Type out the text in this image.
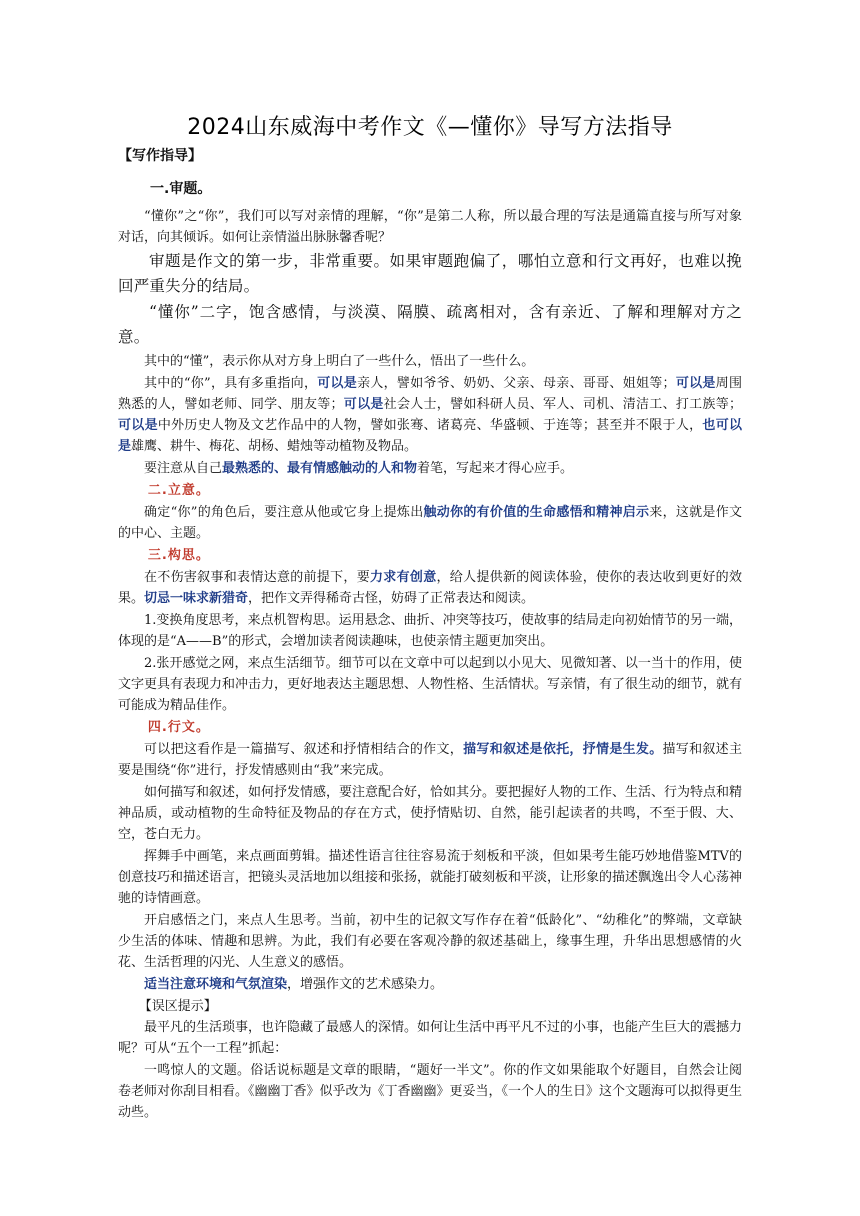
2024山东威海中考作文《—懂你》导写方法指导
【写作指导】
一.审题。

“懂你”之“你”，我们可以写对亲情的理解，“你”是第二人称，所以最合理的写法是通篇直接与所写对象对话，向其倾诉。如何让亲情溢出脉脉馨香呢？

审题是作文的第一步，非常重要。如果审题跑偏了，哪怕立意和行文再好，也难以挽回严重失分的结局。

“懂你”二字，饱含感情，与淡漠、隔膜、疏离相对，含有亲近、了解和理解对方之意。

其中的“懂”，表示你从对方身上明白了一些什么，悟出了一些什么。

其中的“你”，具有多重指向，可以是亲人，譬如爷爷、奶奶、父亲、母亲、哥哥、姐姐等；可以是周围熟悉的人，譬如老师、同学、朋友等；可以是社会人士，譬如科研人员、军人、司机、清洁工、打工族等；可以是中外历史人物及文艺作品中的人物，譬如张骞、诸葛亮、华盛顿、于连等；甚至并不限于人，也可以是雄鹰、耕牛、梅花、胡杨、蜡烛等动植物及物品。

要注意从自己最熟悉的、最有情感触动的人和物着笔，写起来才得心应手。

二.立意。

确定“你”的角色后，要注意从他或它身上提炼出触动你的有价值的生命感悟和精神启示来，这就是作文的中心、主题。

三.构思。

在不伤害叙事和表情达意的前提下，要力求有创意，给人提供新的阅读体验，使你的表达收到更好的效果。切忌一味求新猎奇，把作文弄得稀奇古怪，妨碍了正常表达和阅读。

1.变换角度思考，来点机智构思。运用悬念、曲折、冲突等技巧，使故事的结局走向初始情节的另一端，体现的是“A——B”的形式，会增加读者阅读趣味，也使亲情主题更加突出。

2.张开感觉之网，来点生活细节。细节可以在文章中可以起到以小见大、见微知著、以一当十的作用，使文字更具有表现力和冲击力，更好地表达主题思想、人物性格、生活情状。写亲情，有了很生动的细节，就有可能成为精品佳作。

四.行文。

可以把这看作是一篇描写、叙述和抒情相结合的作文，描写和叙述是依托，抒情是生发。描写和叙述主要是围绕“你”进行，抒发情感则由“我”来完成。

如何描写和叙述，如何抒发情感，要注意配合好，恰如其分。要把握好人物的工作、生活、行为特点和精神品质，或动植物的生命特征及物品的存在方式，使抒情贴切、自然，能引起读者的共鸣，不至于假、大、空，苍白无力。

挥舞手中画笔，来点画面剪辑。描述性语言往往容易流于刻板和平淡，但如果考生能巧妙地借鉴MTV的创意技巧和描述语言，把镜头灵活地加以组接和张扬，就能打破刻板和平淡，让形象的描述飘逸出令人心荡神驰的诗情画意。

开启感悟之门，来点人生思考。当前，初中生的记叙文写作存在着“低龄化”、“幼稚化”的弊端，文章缺少生活的体味、情趣和思辨。为此，我们有必要在客观冷静的叙述基础上，缘事生理，升华出思想感情的火花、生活哲理的闪光、人生意义的感悟。

适当注意环境和气氛渲染，增强作文的艺术感染力。

【误区提示】

最平凡的生活琐事，也许隐藏了最感人的深情。如何让生活中再平凡不过的小事，也能产生巨大的震撼力呢？可从“五个一工程”抓起：

一鸣惊人的文题。俗话说标题是文章的眼睛，“题好一半文”。你的作文如果能取个好题目，自然会让阅卷老师对你刮目相看。《幽幽丁香》似乎改为《丁香幽幽》更妥当，《一个人的生日》这个文题海可以拟得更生动些。
